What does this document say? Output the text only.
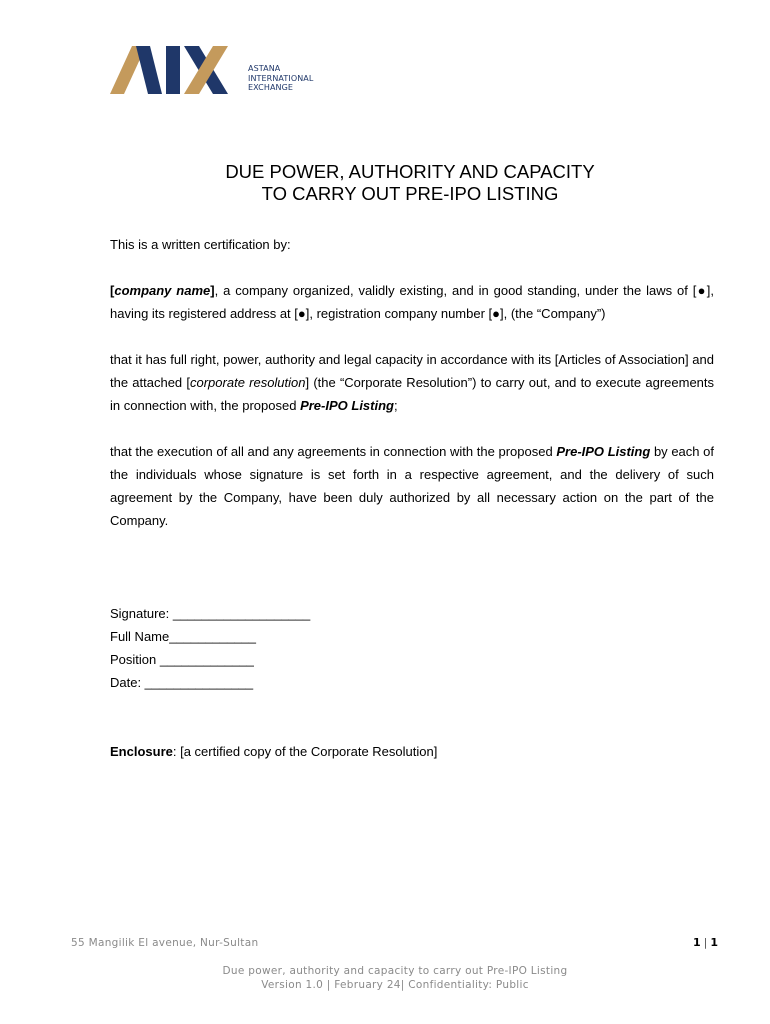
ASTANA
INTERNATIONAL
EXCHANGE
DUE POWER, AUTHORITY AND CAPACITY
TO CARRY OUT PRE-IPO LISTING
This is a written certification by:
[company name], a company organized, validly existing, and in good standing, under the laws of [●], having its registered address at [●], registration company number [●], (the “Company”)
that it has full right, power, authority and legal capacity in accordance with its [Articles of Association] and the attached [corporate resolution] (the “Corporate Resolution”) to carry out, and to execute agreements in connection with, the proposed Pre-IPO Listing;
that the execution of all and any agreements in connection with the proposed Pre-IPO Listing by each of the individuals whose signature is set forth in a respective agreement, and the delivery of such agreement by the Company, have been duly authorized by all necessary action on the part of the Company.
Signature: ___________________
Full Name____________
Position _____________
Date: _______________
Enclosure: [a certified copy of the Corporate Resolution]
55 Mangilik El avenue, Nur-Sultan	1 | 1
Due power, authority and capacity to carry out Pre-IPO Listing
Version 1.0 | February 24| Confidentiality: Public
